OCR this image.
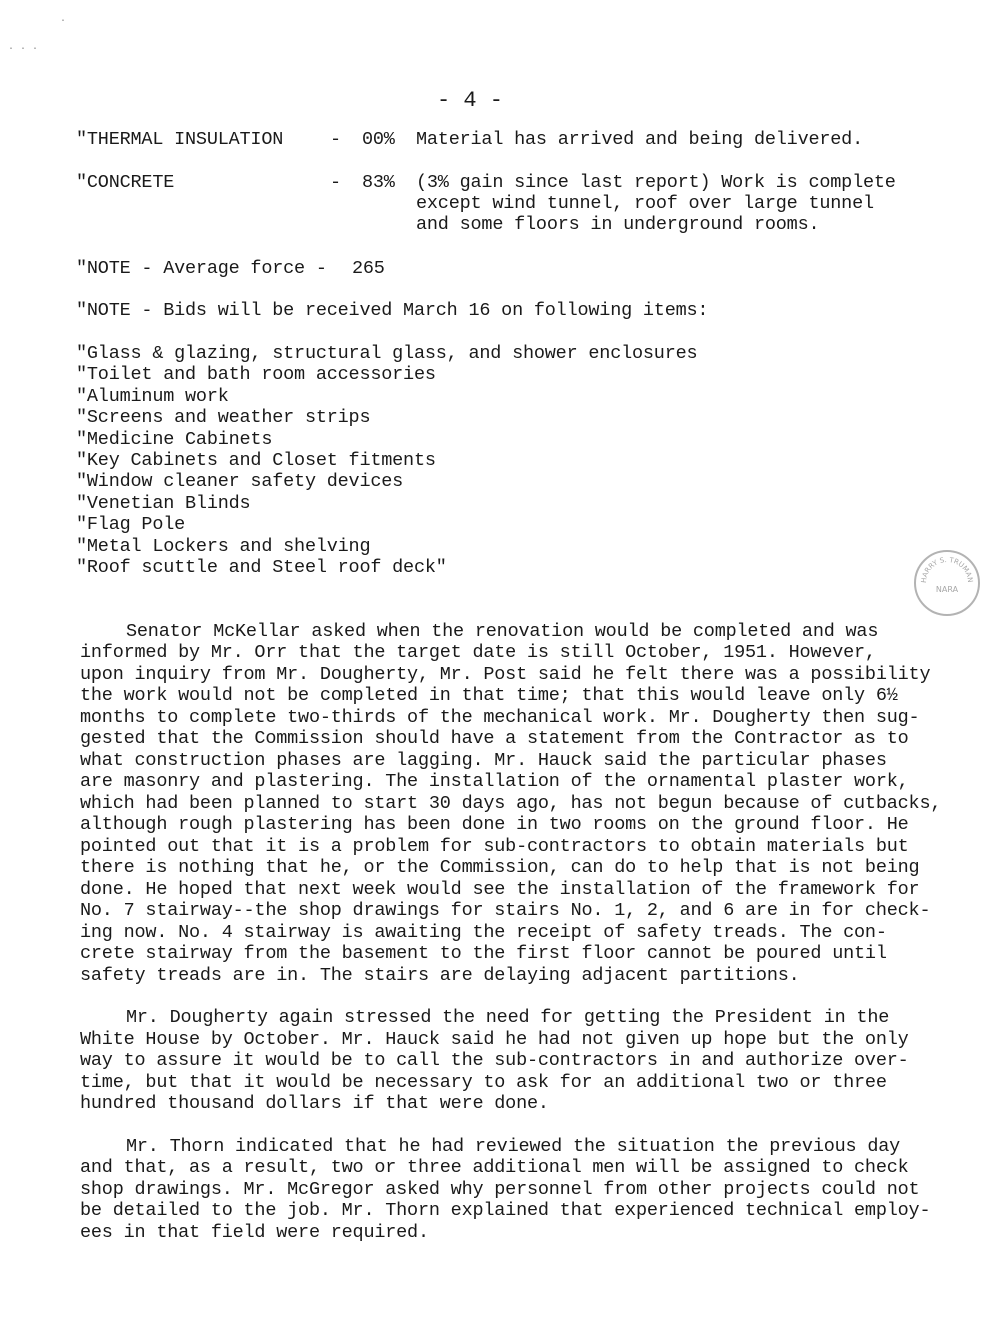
· · ·
.
- 4 -
"THERMAL INSULATION	- 00% Material has arrived and being delivered.
"CONCRETE	- 83% (3% gain since last report) Work is complete
except wind tunnel, roof over large tunnel
and some floors in underground rooms.
"NOTE - Average force - 265
"NOTE - Bids will be received March 16 on following items:
"Glass & glazing, structural glass, and shower enclosures
"Toilet and bath room accessories
"Aluminum work
"Screens and weather strips
"Medicine Cabinets
"Key Cabinets and Closet fitments
"Window cleaner safety devices
"Venetian Blinds
"Flag Pole
"Metal Lockers and shelving
"Roof scuttle and Steel roof deck"
HARRY S. TRUMAN
NARA
Senator McKellar asked when the renovation would be completed and was
informed by Mr. Orr that the target date is still October, 1951. However,
upon inquiry from Mr. Dougherty, Mr. Post said he felt there was a possibility
the work would not be completed in that time; that this would leave only 6½
months to complete two-thirds of the mechanical work. Mr. Dougherty then sug-
gested that the Commission should have a statement from the Contractor as to
what construction phases are lagging. Mr. Hauck said the particular phases
are masonry and plastering. The installation of the ornamental plaster work,
which had been planned to start 30 days ago, has not begun because of cutbacks,
although rough plastering has been done in two rooms on the ground floor. He
pointed out that it is a problem for sub-contractors to obtain materials but
there is nothing that he, or the Commission, can do to help that is not being
done. He hoped that next week would see the installation of the framework for
No. 7 stairway--the shop drawings for stairs No. 1, 2, and 6 are in for check-
ing now. No. 4 stairway is awaiting the receipt of safety treads. The con-
crete stairway from the basement to the first floor cannot be poured until
safety treads are in. The stairs are delaying adjacent partitions.
Mr. Dougherty again stressed the need for getting the President in the
White House by October. Mr. Hauck said he had not given up hope but the only
way to assure it would be to call the sub-contractors in and authorize over-
time, but that it would be necessary to ask for an additional two or three
hundred thousand dollars if that were done.
Mr. Thorn indicated that he had reviewed the situation the previous day
and that, as a result, two or three additional men will be assigned to check
shop drawings. Mr. McGregor asked why personnel from other projects could not
be detailed to the job. Mr. Thorn explained that experienced technical employ-
ees in that field were required.
